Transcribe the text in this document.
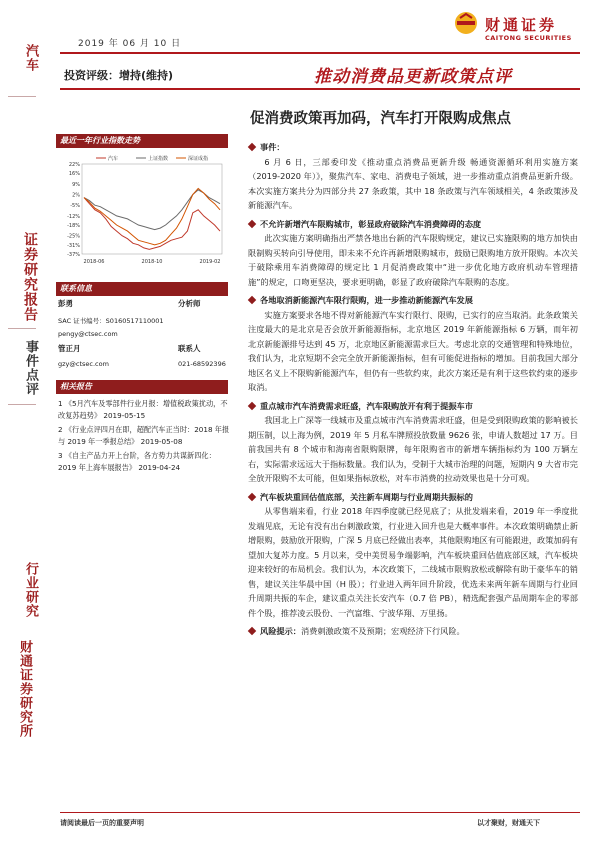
汽车
证券研究报告
事件点评
行业研究
财通证券研究所
2019 年 06 月 10 日
财通证券
CAITONG SECURITIES
投资评级：增持(维持)	推动消费品更新政策点评
促消费政策再加码，汽车打开限购成焦点
最近一年行业指数走势
22%
16%
9%
2%
-5%
-12%
-18%
-25%
-31%
-37%
2018-06	2018-10	2019-02
汽车	上证指数	深证成指
联系信息
彭勇	分析师
SAC 证书编号：S0160517110001
pengy@ctsec.com
管正月	联系人
gzy@ctsec.com	021-68592396
相关报告

1 《5月汽车及零部件行业月报：增值税政策扰动，不改复苏趋势》 2019-05-15

2 《行业点评四月在即，超配汽车正当时：2018 年报与 2019 年一季报总结》 2019-05-08

3 《自主产品力开上台阶，各方势力共谋新四化：2019 年上海车展报告》 2019-04-24

事件：
6 月 6 日，三部委印发《推动重点消费品更新升级 畅通资源循环利用实施方案（2019-2020 年）》，聚焦汽车、家电、消费电子领域，进一步推动重点消费品更新升级。本次实施方案共分为四部分共 27 条政策，其中 18 条政策与汽车领域相关，4 条政策涉及新能源汽车。
不允许新增汽车限购城市，彰显政府破除汽车消费障碍的态度
此次实施方案明确指出严禁各地出台新的汽车限购规定，建议已实施限购的地方加快由限制购买转向引导使用，即未来不允许再新增限购城市，鼓励已限购地方放开限购。本次关于破除乘用车消费障碍的规定比 1 月促消费政策中“进一步优化地方政府机动车管理措施”的规定，口吻更坚决，要求更明确，彰显了政府破除汽车限购的态度。
各地取消新能源汽车限行限购，进一步推动新能源汽车发展
实施方案要求各地不得对新能源汽车实行限行、限购，已实行的应当取消。此条政策关注度最大的是北京是否会放开新能源指标，北京地区 2019 年新能源指标 6 万辆，而年初北京新能源排号达到 45 万，北京地区新能源需求巨大。考虑北京的交通管理和特殊地位，我们认为，北京短期不会完全放开新能源指标，但有可能促进指标的增加。目前我国大部分地区名义上不限购新能源汽车，但仍有一些软约束，此次方案还是有利于这些软约束的逐步取消。
重点城市汽车消费需求旺盛，汽车限购放开有利于提振车市
我国北上广深等一线城市及重点城市汽车消费需求旺盛，但是受到限购政策的影响被长期压制，以上海为例，2019 年 5 月私车牌照投放数量 9626 张，申请人数超过 17 万。目前我国共有 8 个城市和海南省限购限牌，每年限购省市的新增车辆指标约为 100 万辆左右，实际需求远远大于指标数量。我们认为，受制于大城市治理的问题，短期内 9 大省市完全放开限购不太可能，但如果指标放松，对车市消费的拉动效果也是十分可观。
汽车板块重回估值底部，关注新车周期与行业周期共振标的
从零售端来看，行业 2018 年四季度就已经见底了；从批发端来看，2019 年一季度批发端见底，无论有没有出台刺激政策，行业进入回升也是大概率事件。本次政策明确禁止新增限购，鼓励放开限购，广深 5 月底已经做出表率，其他限购地区有可能跟进，政策加码有望加大复苏力度。5 月以来，受中美贸易争端影响，汽车板块重回估值底部区域，汽车板块迎来较好的布局机会。我们认为，本次政策下，二线城市限购放松或解除有助于豪华车的销售，建议关注华晨中国（H 股）；行业进入两年回升阶段，优选未来两年新车周期与行业回升周期共振的车企，建议重点关注长安汽车（0.7 倍 PB），精选配套强产品周期车企的零部件个股，推荐凌云股份、一汽富维、宁波华翔、万里扬。
风险提示：消费刺激政策不及预期；宏观经济下行风险。
请阅读最后一页的重要声明	以才聚财，财通天下
